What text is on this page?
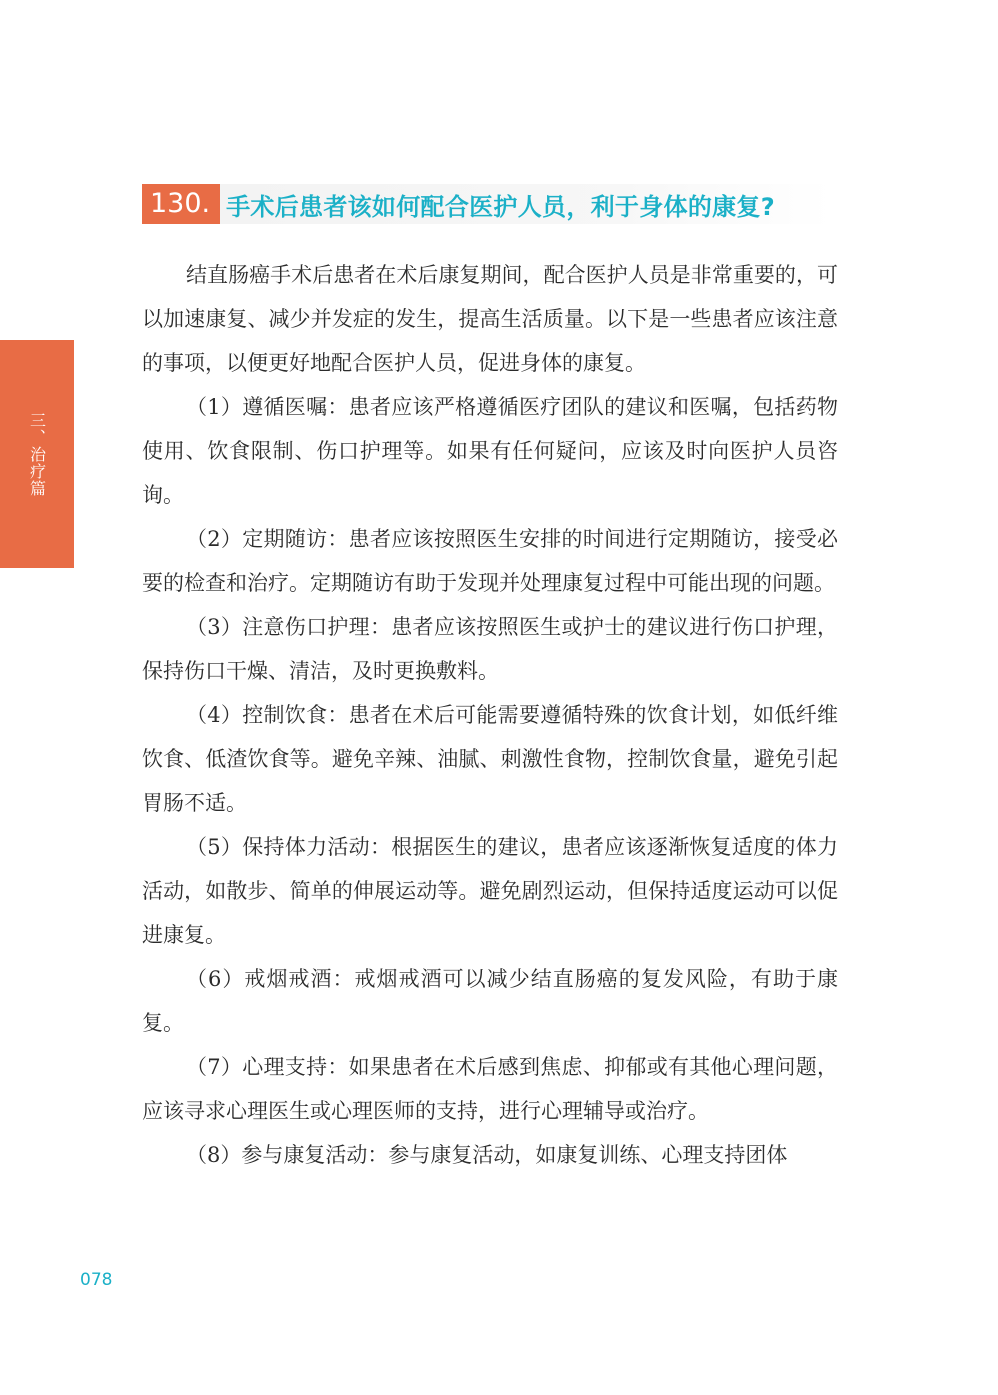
三、治疗篇
130. 手术后患者该如何配合医护人员，利于身体的康复?

结直肠癌手术后患者在术后康复期间，配合医护人员是非常重要的，可以加速康复、减少并发症的发生，提高生活质量。以下是一些患者应该注意的事项，以便更好地配合医护人员，促进身体的康复。

（1）遵循医嘱：患者应该严格遵循医疗团队的建议和医嘱，包括药物使用、饮食限制、伤口护理等。如果有任何疑问，应该及时向医护人员咨询。

（2）定期随访：患者应该按照医生安排的时间进行定期随访，接受必要的检查和治疗。定期随访有助于发现并处理康复过程中可能出现的问题。

（3）注意伤口护理：患者应该按照医生或护士的建议进行伤口护理，保持伤口干燥、清洁，及时更换敷料。

（4）控制饮食：患者在术后可能需要遵循特殊的饮食计划，如低纤维饮食、低渣饮食等。避免辛辣、油腻、刺激性食物，控制饮食量，避免引起胃肠不适。

（5）保持体力活动：根据医生的建议，患者应该逐渐恢复适度的体力活动，如散步、简单的伸展运动等。避免剧烈运动，但保持适度运动可以促进康复。

（6）戒烟戒酒：戒烟戒酒可以减少结直肠癌的复发风险，有助于康复。

（7）心理支持：如果患者在术后感到焦虑、抑郁或有其他心理问题，应该寻求心理医生或心理医师的支持，进行心理辅导或治疗。

（8）参与康复活动：参与康复活动，如康复训练、心理支持团体

078
